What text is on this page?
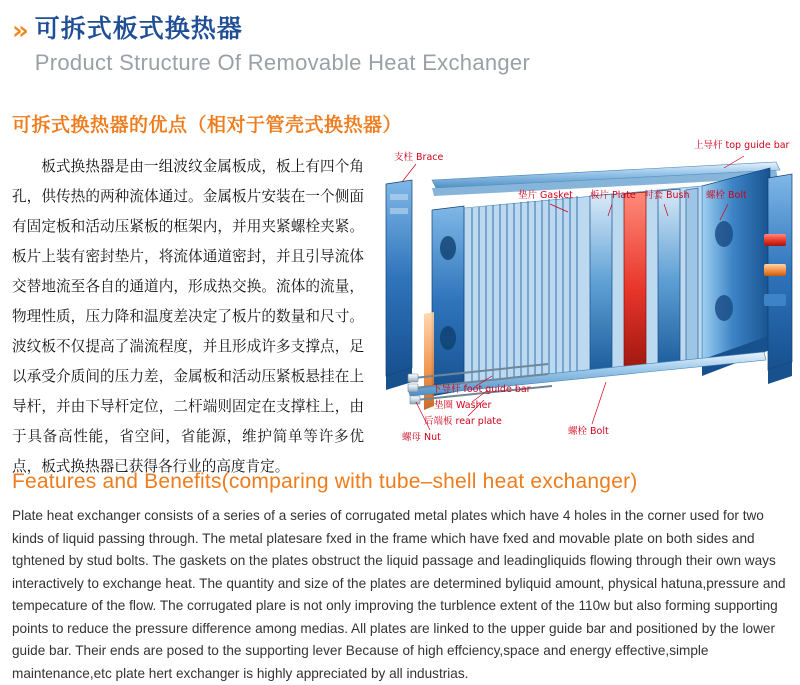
» 可拆式板式换热器
Product Structure Of Removable Heat Exchanger
可拆式换热器的优点（相对于管壳式换热器）
板式换热器是由一组波纹金属板成，板上有四个角孔，供传热的两种流体通过。金属板片安装在一个侧面有固定板和活动压紧板的框架内，并用夹紧螺栓夹紧。板片上装有密封垫片，将流体通道密封，并且引导流体交替地流至各自的通道内，形成热交换。流体的流量，物理性质，压力降和温度差决定了板片的数量和尺寸。波纹板不仅提高了湍流程度，并且形成许多支撑点，足以承受介质间的压力差，金属板和活动压紧板悬挂在上导杆，并由下导杆定位，二杆端则固定在支撑柱上，由于具备高性能，省空间，省能源，维护简单等许多优点，板式换热器已获得各行业的高度肯定。
支柱 Brace
上导杆 top guide bar
垫片 Gasket 板片 Plate 衬套 Bush 螺栓 Bolt
下导杆 foot guide bar
垫圈 Washer
后端板 rear plate
螺母 Nut
螺栓 Bolt
Features and Benefits(comparing with tube–shell heat exchanger)
Plate heat exchanger consists of a series of a series of corrugated metal plates which have 4 holes in the corner used for two kinds of liquid passing through. The metal platesare fxed in the frame which have fxed and movable plate on both sides and tghtened by stud bolts. The gaskets on the plates obstruct the liquid passage and leadingliquids flowing through their own ways interactively to exchange heat. The quantity and size of the plates are determined byliquid amount, physical hatuna,pressure and tempecature of the flow. The corrugated plare is not only improving the turblence extent of the 110w but also forming supporting points to reduce the pressure difference among medias. All plates are linked to the upper guide bar and positioned by the lower guide bar. Their ends are posed to the supporting lever Because of high effciency,space and energy effective,simple maintenance,etc plate hert exchanger is highly appreciated by all industrias.
